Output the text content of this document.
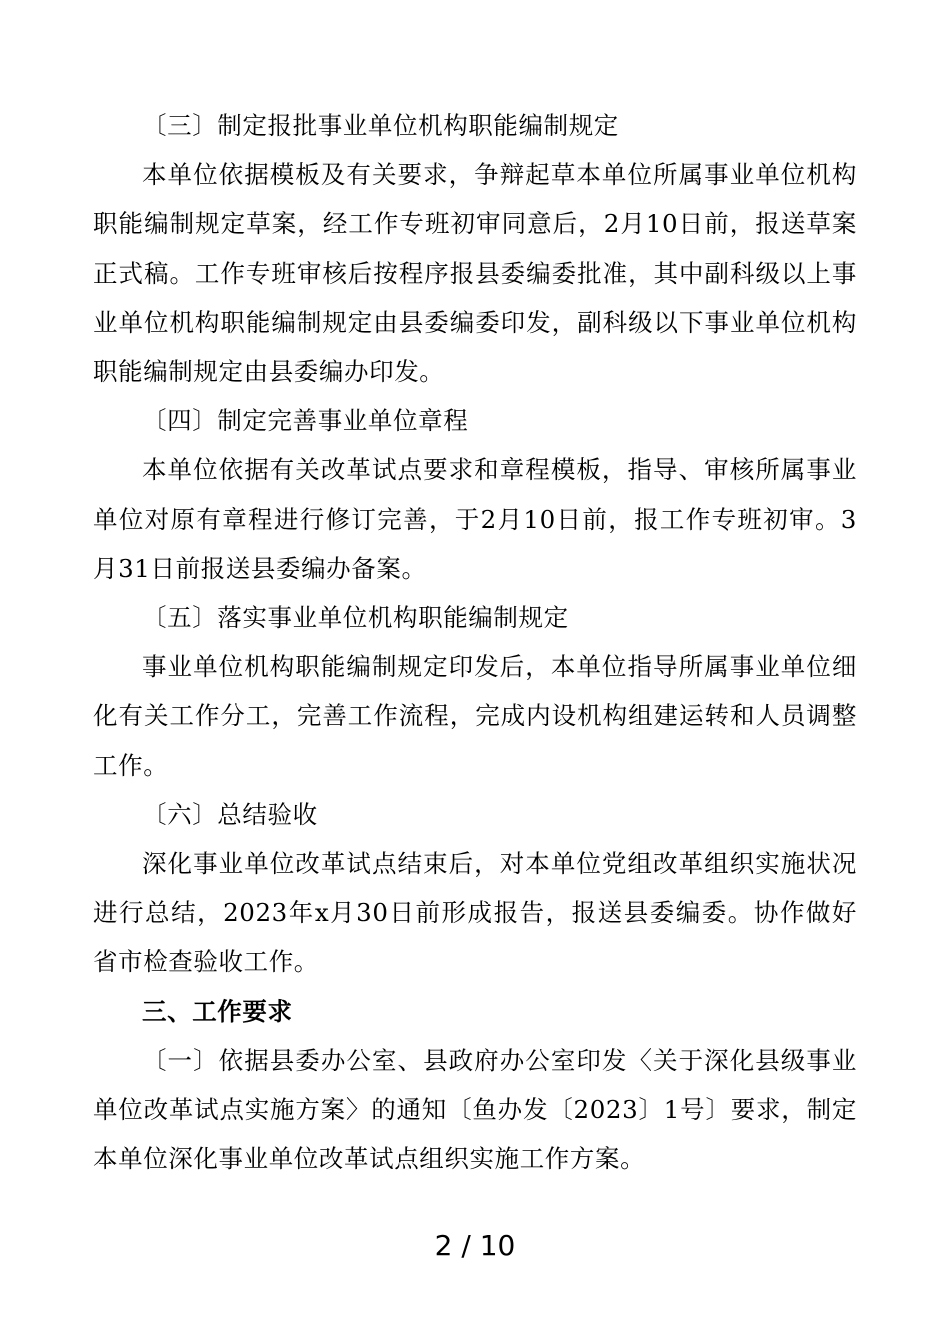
〔三〕制定报批事业单位机构职能编制规定

本单位依据模板及有关要求，争辩起草本单位所属事业单位机构职能编制规定草案，经工作专班初审同意后，2月10日前，报送草案正式稿。工作专班审核后按程序报县委编委批准，其中副科级以上事业单位机构职能编制规定由县委编委印发，副科级以下事业单位机构职能编制规定由县委编办印发。

〔四〕制定完善事业单位章程

本单位依据有关改革试点要求和章程模板，指导、审核所属事业单位对原有章程进行修订完善，于2月10日前，报工作专班初审。3月31日前报送县委编办备案。

〔五〕落实事业单位机构职能编制规定

事业单位机构职能编制规定印发后，本单位指导所属事业单位细化有关工作分工，完善工作流程，完成内设机构组建运转和人员调整工作。

〔六〕总结验收

深化事业单位改革试点结束后，对本单位党组改革组织实施状况进行总结，2023年x月30日前形成报告，报送县委编委。协作做好省市检查验收工作。

三、工作要求

〔一〕依据县委办公室、县政府办公室印发〈关于深化县级事业单位改革试点实施方案〉的通知〔鱼办发〔2023〕1号〕要求，制定本单位深化事业单位改革试点组织实施工作方案。

2 / 10
